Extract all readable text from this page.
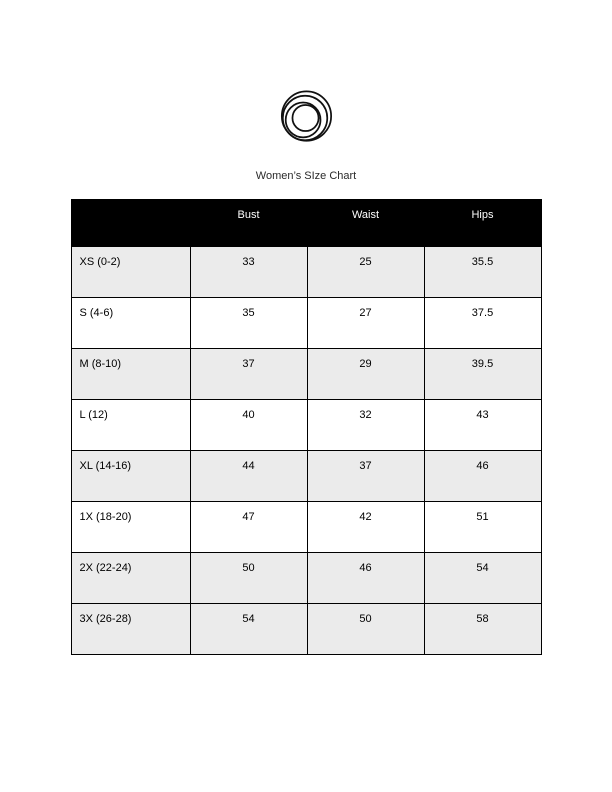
Women’s SIze Chart
	Bust	Waist	Hips
XS (0-2)	33	25	35.5
S (4-6)	35	27	37.5
M (8-10)	37	29	39.5
L (12)	40	32	43
XL (14-16)	44	37	46
1X (18-20)	47	42	51
2X (22-24)	50	46	54
3X (26-28)	54	50	58
